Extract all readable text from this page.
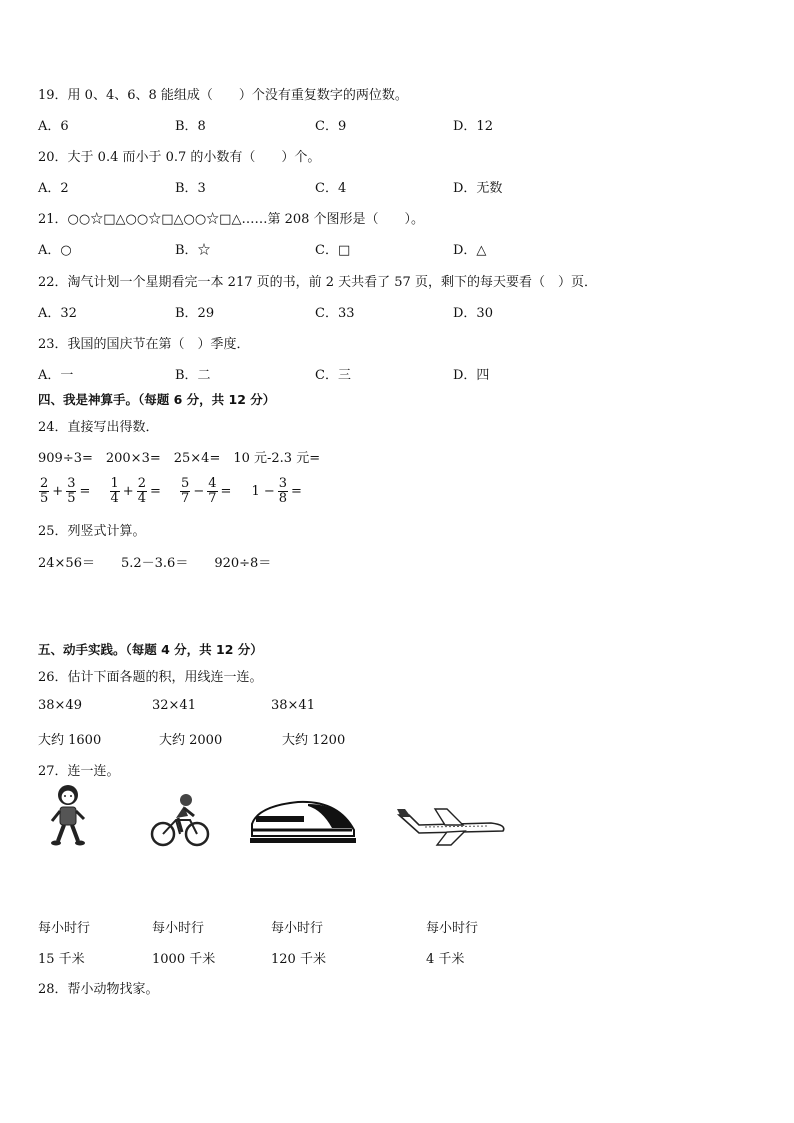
19．用 0、4、6、8 能组成（　　）个没有重复数字的两位数。
A．6	B．8	C．9	D．12
20．大于 0.4 而小于 0.7 的小数有（　　）个。
A．2	B．3	C．4	D．无数
21．○○☆□△○○☆□△○○☆□△……第 208 个图形是（　　）。
A．○	B．☆	C．□	D．△
22．淘气计划一个星期看完一本 217 页的书，前 2 天共看了 57 页，剩下的每天要看（　）页．
A．32	B．29	C．33	D．30
23．我国的国庆节在第（　）季度．
A．一	B．二	C．三	D．四
四、我是神算手。（每题 6 分，共 12 分）
24．直接写出得数．
909÷3=　200×3=　25×4=　10 元-2.3 元=
$\frac{2}{5} + \frac{3}{5} = \frac{1}{4} + \frac{2}{4} = \frac{5}{7} - \frac{4}{7} = 1 - \frac{3}{8}$ =
25．列竖式计算。
24×56＝　　5.2－3.6＝　　920÷8＝
五、动手实践。（每题 4 分，共 12 分）
26．估计下面各题的积，用线连一连。
38×49	32×41	38×41
大约 1600	大约 2000	大约 1200
27．连一连。
每小时行	每小时行	每小时行	每小时行
15 千米	1000 千米	120 千米	4 千米
28．帮小动物找家。
